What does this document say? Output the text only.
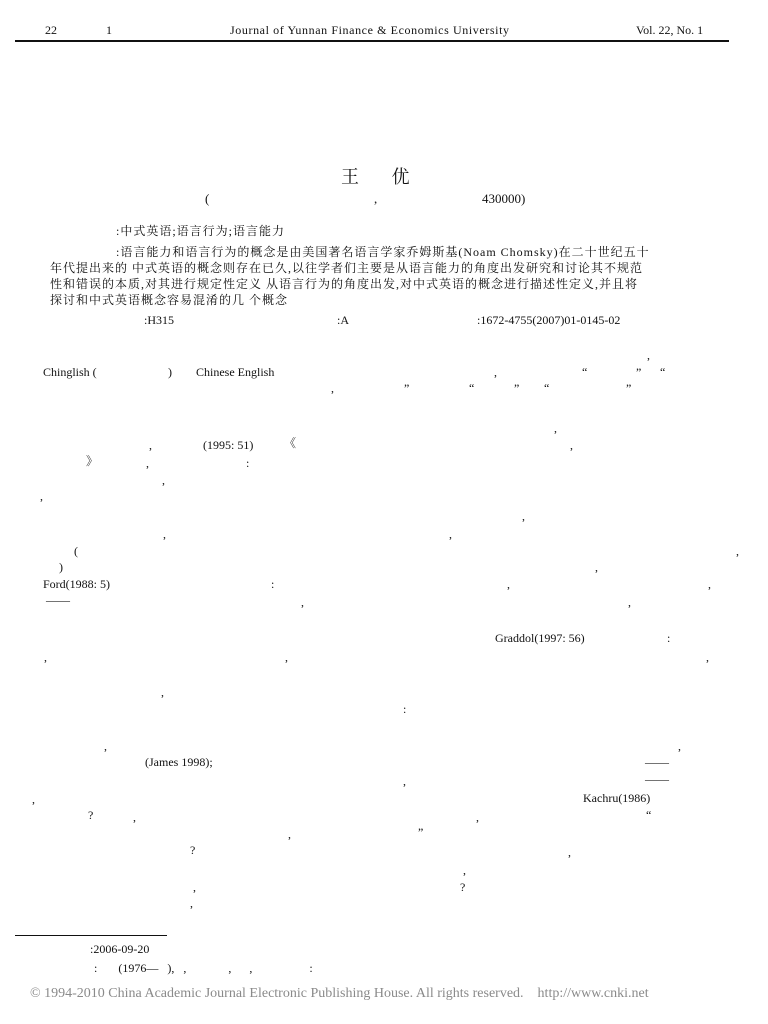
22	1	Journal of Yunnan Finance & Economics University	Vol. 22, No. 1
王 优
(	,	430000)
:中式英语;语言行为;语言能力
:语言能力和语言行为的概念是由美国著名语言学家乔姆斯基(Noam Chomsky)在二十世纪五十
年代提出来的 中式英语的概念则存在已久,以往学者们主要是从语言能力的角度出发研究和讨论其不规范
性和错误的本质,对其进行规定性定义 从语言行为的角度出发,对中式英语的概念进行描述性定义,并且将
探讨和中式英语概念容易混淆的几 个概念
:H315	:A	:1672-4755(2007)01-0145-02
,
Chinglish (	) Chinese English	,	“	” “
,	”	“	” “	”
,
,	(1995: 51)	《	,
》	,	:
,
,
,
,	,
(	,
)	,
Ford(1988: 5)	:	,	,
——	,	,
Graddol(1997: 56)	:
,	,	,
,
:
,	,
(James 1998);	——
——
,
,	Kachru(1986)
?	,	,	“
,	”
?	,
,
,	?
,
:2006-09-20
:       (1976—   ),   ,              ,      ,                   :
© 1994-2010 China Academic Journal Electronic Publishing House. All rights reserved.    http://www.cnki.net
